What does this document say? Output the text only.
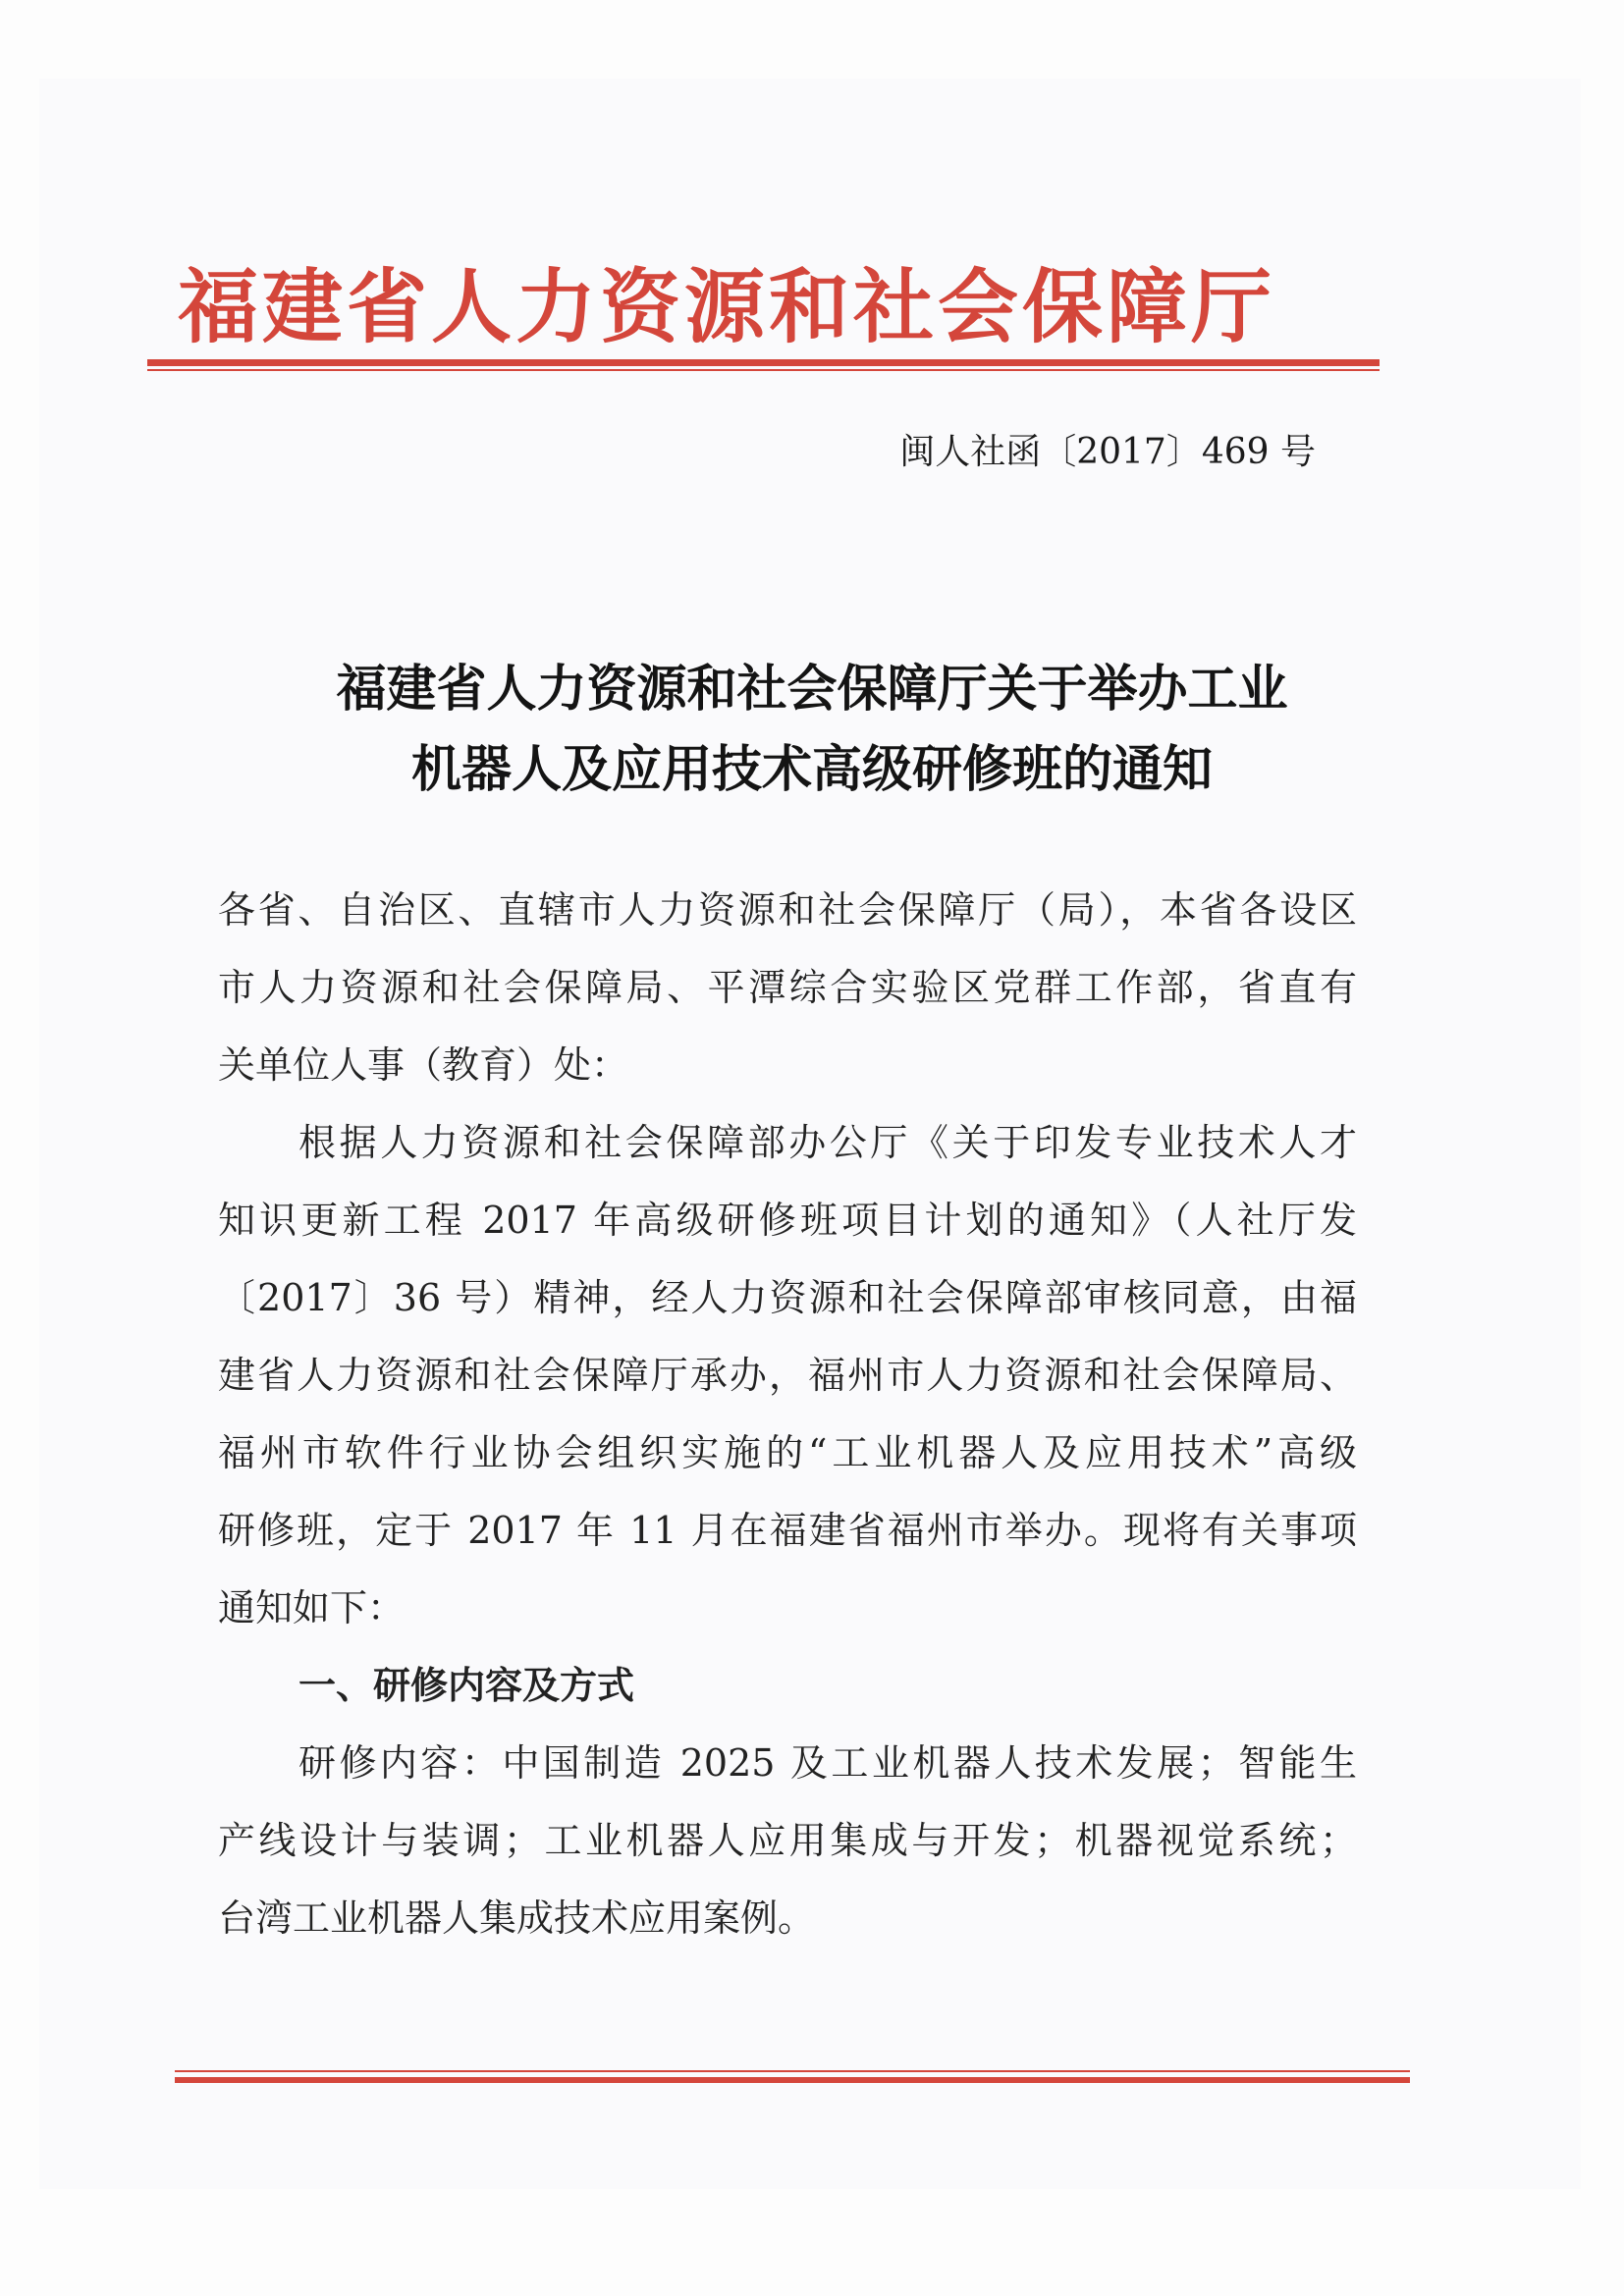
福建省人力资源和社会保障厅
闽人社函〔2017〕469 号
福建省人力资源和社会保障厅关于举办工业
机器人及应用技术高级研修班的通知
各省、自治区、直辖市人力资源和社会保障厅（局），本省各设区
市人力资源和社会保障局、平潭综合实验区党群工作部，省直有
关单位人事（教育）处：
根据人力资源和社会保障部办公厅《关于印发专业技术人才
知识更新工程 2017 年高级研修班项目计划的通知》（人社厅发
〔2017〕36 号）精神，经人力资源和社会保障部审核同意，由福
建省人力资源和社会保障厅承办，福州市人力资源和社会保障局、
福州市软件行业协会组织实施的“工业机器人及应用技术”高级
研修班，定于 2017 年 11 月在福建省福州市举办。现将有关事项
通知如下：
一、研修内容及方式
研修内容：中国制造 2025 及工业机器人技术发展；智能生
产线设计与装调；工业机器人应用集成与开发；机器视觉系统；
台湾工业机器人集成技术应用案例。
